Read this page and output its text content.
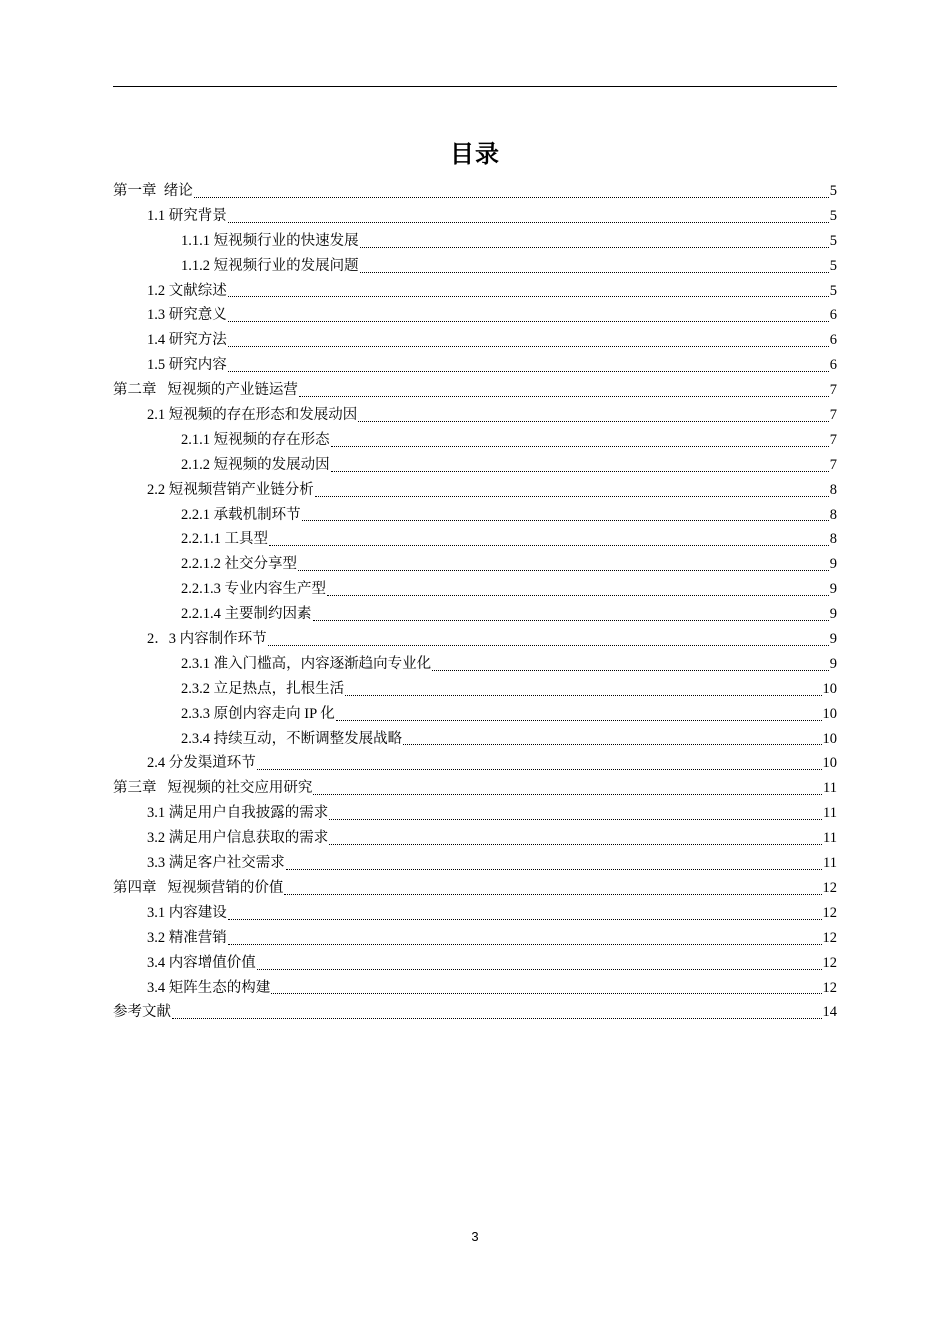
目录
第一章  绪论	5
1.1 研究背景	5
1.1.1 短视频行业的快速发展	5
1.1.2 短视频行业的发展问题	5
1.2 文献综述	5
1.3 研究意义	6
1.4 研究方法	6
1.5 研究内容	6
第二章   短视频的产业链运营	7
2.1 短视频的存在形态和发展动因	7
2.1.1 短视频的存在形态	7
2.1.2 短视频的发展动因	7
2.2 短视频营销产业链分析	8
2.2.1 承载机制环节	8
2.2.1.1 工具型	8
2.2.1.2 社交分享型	9
2.2.1.3 专业内容生产型	9
2.2.1.4 主要制约因素	9
2．3 内容制作环节	9
2.3.1 准入门槛高，内容逐渐趋向专业化	9
2.3.2 立足热点，扎根生活	10
2.3.3 原创内容走向 IP 化	10
2.3.4 持续互动，不断调整发展战略	10
2.4 分发渠道环节	10
第三章   短视频的社交应用研究	11
3.1 满足用户自我披露的需求	11
3.2 满足用户信息获取的需求	11
3.3 满足客户社交需求	11
第四章   短视频营销的价值	12
3.1 内容建设	12
3.2 精准营销	12
3.4 内容增值价值	12
3.4 矩阵生态的构建	12
参考文献	14
3
